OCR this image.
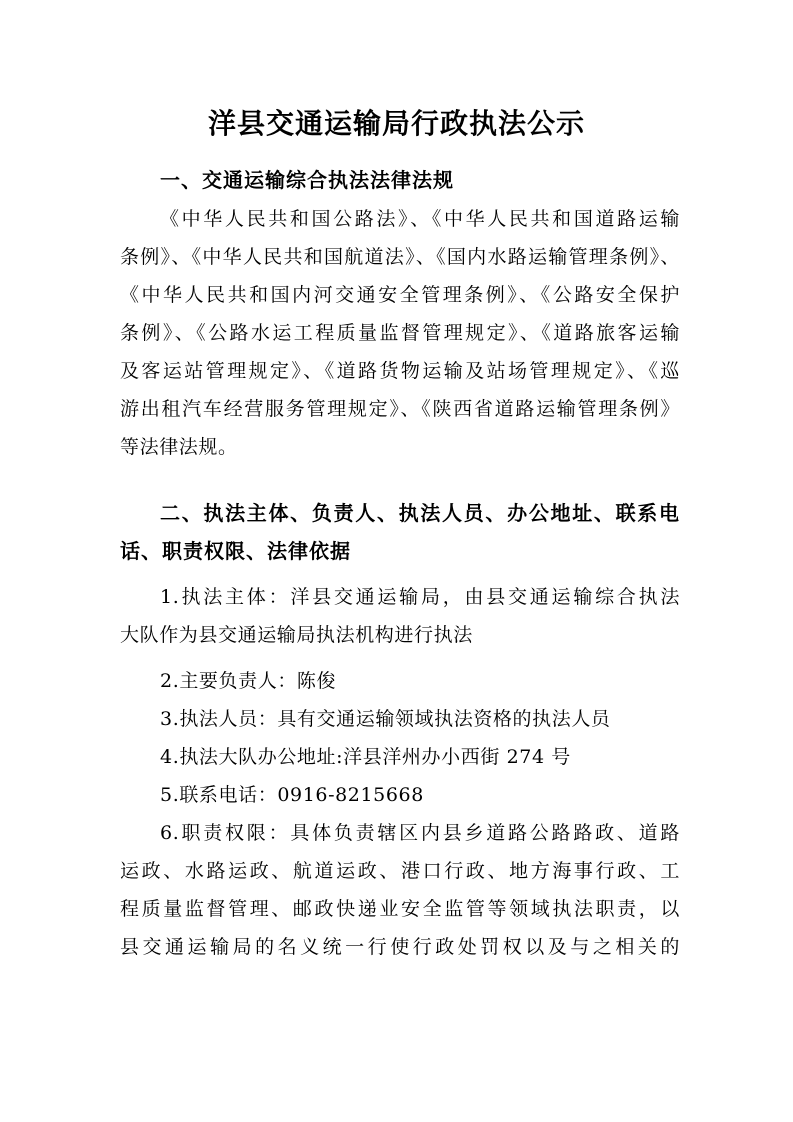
洋县交通运输局行政执法公示
一、交通运输综合执法法律法规
《中华人民共和国公路法》、《中华人民共和国道路运输
条例》、《中华人民共和国航道法》、《国内水路运输管理条例》、
《中华人民共和国内河交通安全管理条例》、《公路安全保护
条例》、《公路水运工程质量监督管理规定》、《道路旅客运输
及客运站管理规定》、《道路货物运输及站场管理规定》、《巡
游出租汽车经营服务管理规定》、《陕西省道路运输管理条例》
等法律法规。
二、执法主体、负责人、执法人员、办公地址、联系电
话、职责权限、法律依据
1.执法主体：洋县交通运输局，由县交通运输综合执法
大队作为县交通运输局执法机构进行执法
2.主要负责人：陈俊
3.执法人员：具有交通运输领域执法资格的执法人员
4.执法大队办公地址:洋县洋州办小西街 274 号
5.联系电话：0916-8215668
6.职责权限：具体负责辖区内县乡道路公路路政、道路
运政、水路运政、航道运政、港口行政、地方海事行政、工
程质量监督管理、邮政快递业安全监管等领域执法职责，以
县交通运输局的名义统一行使行政处罚权以及与之相关的
